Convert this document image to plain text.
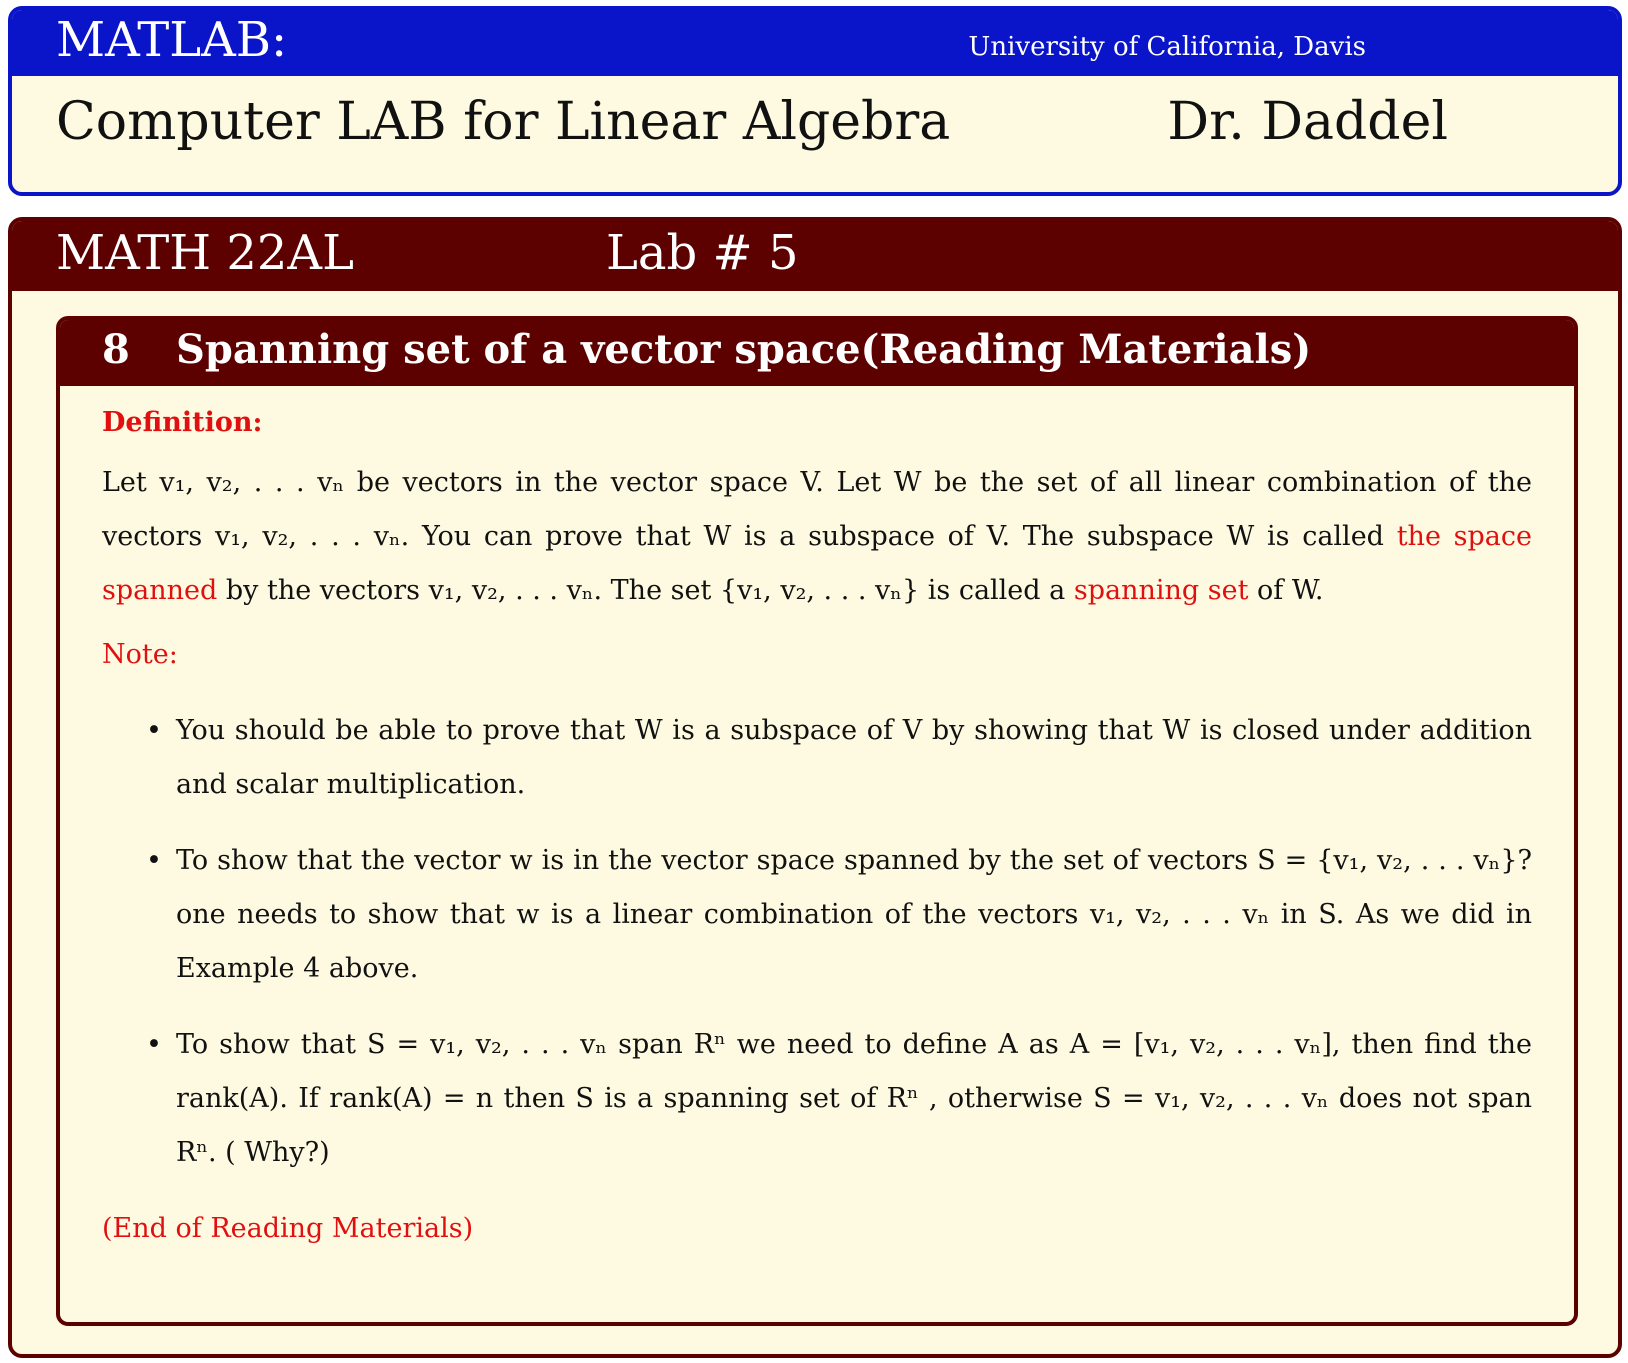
MATLAB:	University of California, Davis
Computer LAB for Linear Algebra	Dr. Daddel
MATH 22AL	Lab # 5
8 Spanning set of a vector space(Reading Materials)

Definition:

Let v₁, v₂, . . . vₙ be vectors in the vector space V. Let W be the set of all linear combination of the vectors v₁, v₂, . . . vₙ. You can prove that W is a subspace of V. The subspace W is called the space spanned by the vectors v₁, v₂, . . . vₙ. The set {v₁, v₂, . . . vₙ} is called a spanning set of W.

Note:

• You should be able to prove that W is a subspace of V by showing that W is closed under addition and scalar multiplication.
• To show that the vector w is in the vector space spanned by the set of vectors S = {v₁, v₂, . . . vₙ}? one needs to show that w is a linear combination of the vectors v₁, v₂, . . . vₙ in S. As we did in Example 4 above.
• To show that S = v₁, v₂, . . . vₙ span Rⁿ we need to define A as A = [v₁, v₂, . . . vₙ], then find the rank(A). If rank(A) = n then S is a spanning set of Rⁿ , otherwise S = v₁, v₂, . . . vₙ does not span Rⁿ. ( Why?)

(End of Reading Materials)
